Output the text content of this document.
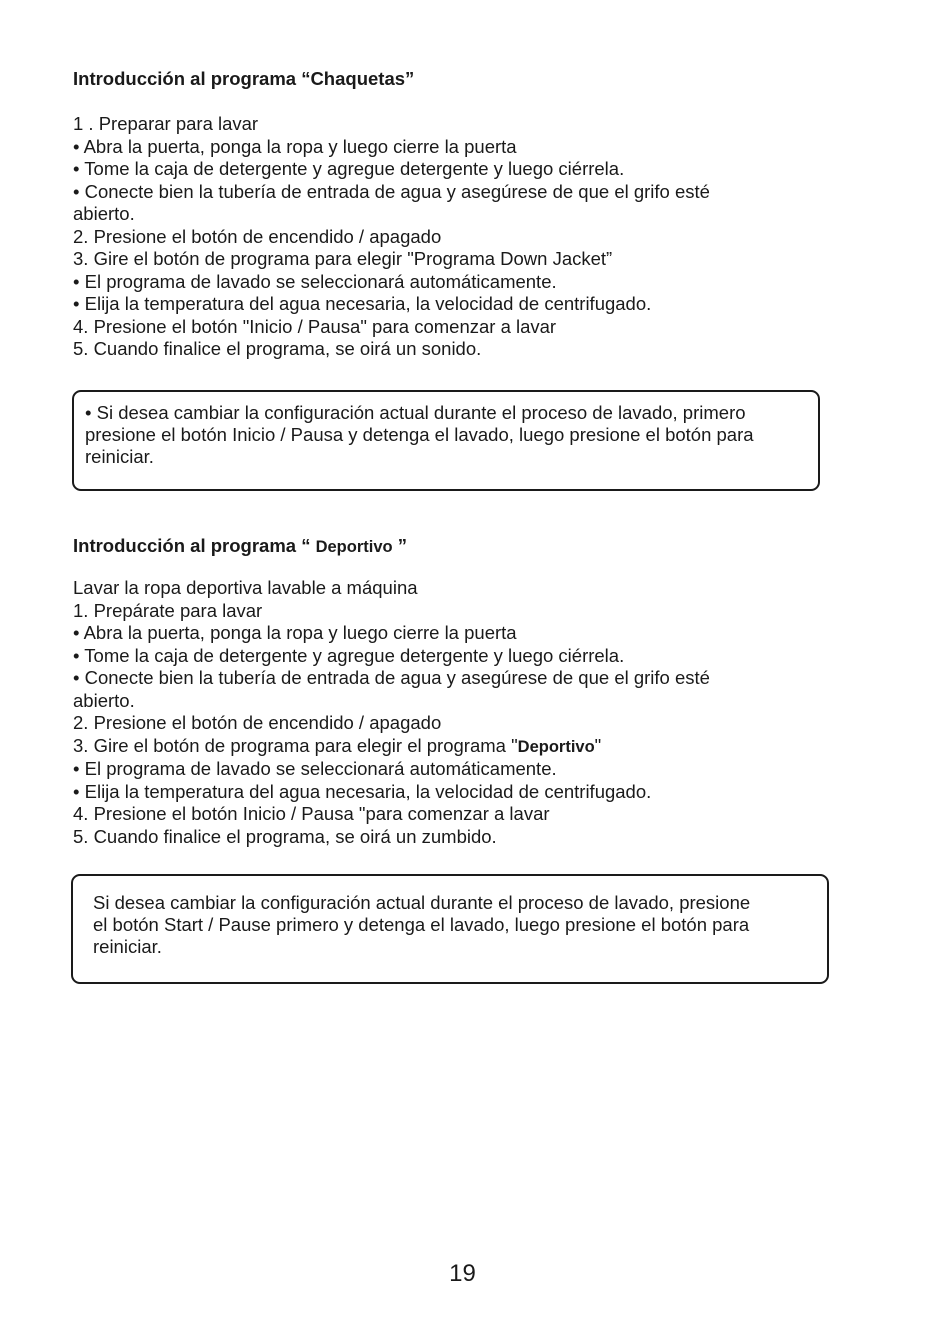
Introducción al programa “Chaquetas”
1 . Preparar para lavar
• Abra la puerta, ponga la ropa y luego cierre la puerta
• Tome la caja de detergente y agregue detergente y luego ciérrela.
• Conecte bien la tubería de entrada de agua y asegúrese de que el grifo esté
abierto.
2. Presione el botón de encendido / apagado
3. Gire el botón de programa para elegir "Programa Down Jacket”
• El programa de lavado se seleccionará automáticamente.
• Elija la temperatura del agua necesaria, la velocidad de centrifugado.
4. Presione el botón "Inicio / Pausa" para comenzar a lavar
5. Cuando finalice el programa, se oirá un sonido.

• Si desea cambiar la configuración actual durante el proceso de lavado, primero

presione el botón Inicio / Pausa y detenga el lavado, luego presione el botón para

reiniciar.

Introducción al programa “ Deportivo ”
Lavar la ropa deportiva lavable a máquina
1. Prepárate para lavar
• Abra la puerta, ponga la ropa y luego cierre la puerta
• Tome la caja de detergente y agregue detergente y luego ciérrela.
• Conecte bien la tubería de entrada de agua y asegúrese de que el grifo esté
abierto.
2. Presione el botón de encendido / apagado
3. Gire el botón de programa para elegir el programa "Deportivo"
• El programa de lavado se seleccionará automáticamente.
• Elija la temperatura del agua necesaria, la velocidad de centrifugado.
4. Presione el botón Inicio / Pausa "para comenzar a lavar
5. Cuando finalice el programa, se oirá un zumbido.

Si desea cambiar la configuración actual durante el proceso de lavado, presione

el botón Start / Pause primero y detenga el lavado, luego presione el botón para

reiniciar.

19
